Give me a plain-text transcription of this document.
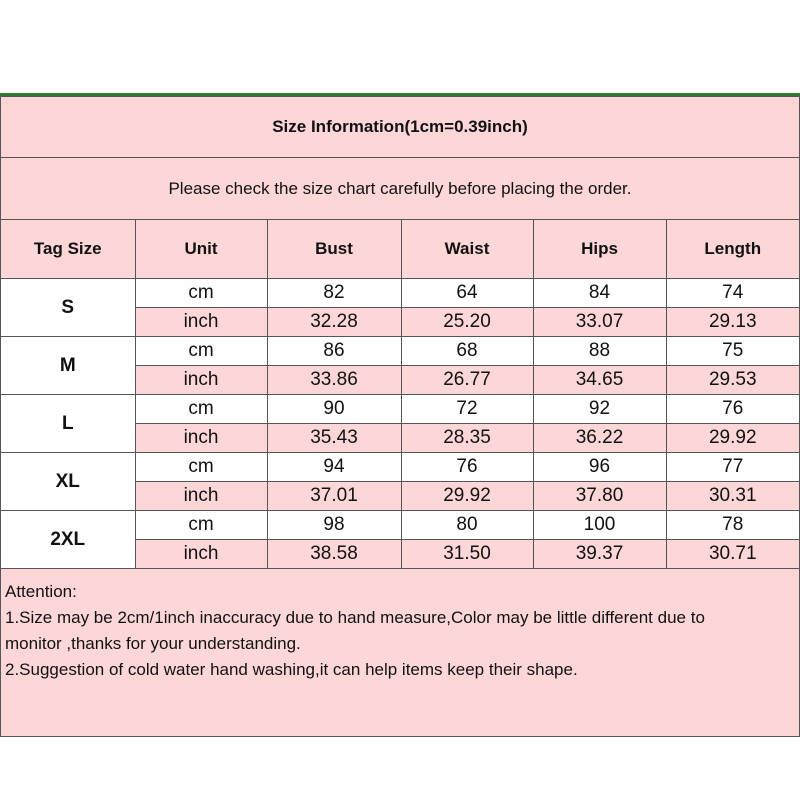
Size Information(1cm=0.39inch)
Please check the size chart carefully before placing the order.
Tag Size	Unit	Bust	Waist	Hips	Length
S	cm	82	64	84	74
	inch	32.28	25.20	33.07	29.13
M	cm	86	68	88	75
	inch	33.86	26.77	34.65	29.53
L	cm	90	72	92	76
	inch	35.43	28.35	36.22	29.92
XL	cm	94	76	96	77
	inch	37.01	29.92	37.80	30.31
2XL	cm	98	80	100	78
	inch	38.58	31.50	39.37	30.71
Attention:
1.Size may be 2cm/1inch inaccuracy due to hand measure,Color may be little different due to
monitor ,thanks for your understanding.
2.Suggestion of cold water hand washing,it can help items keep their shape.
